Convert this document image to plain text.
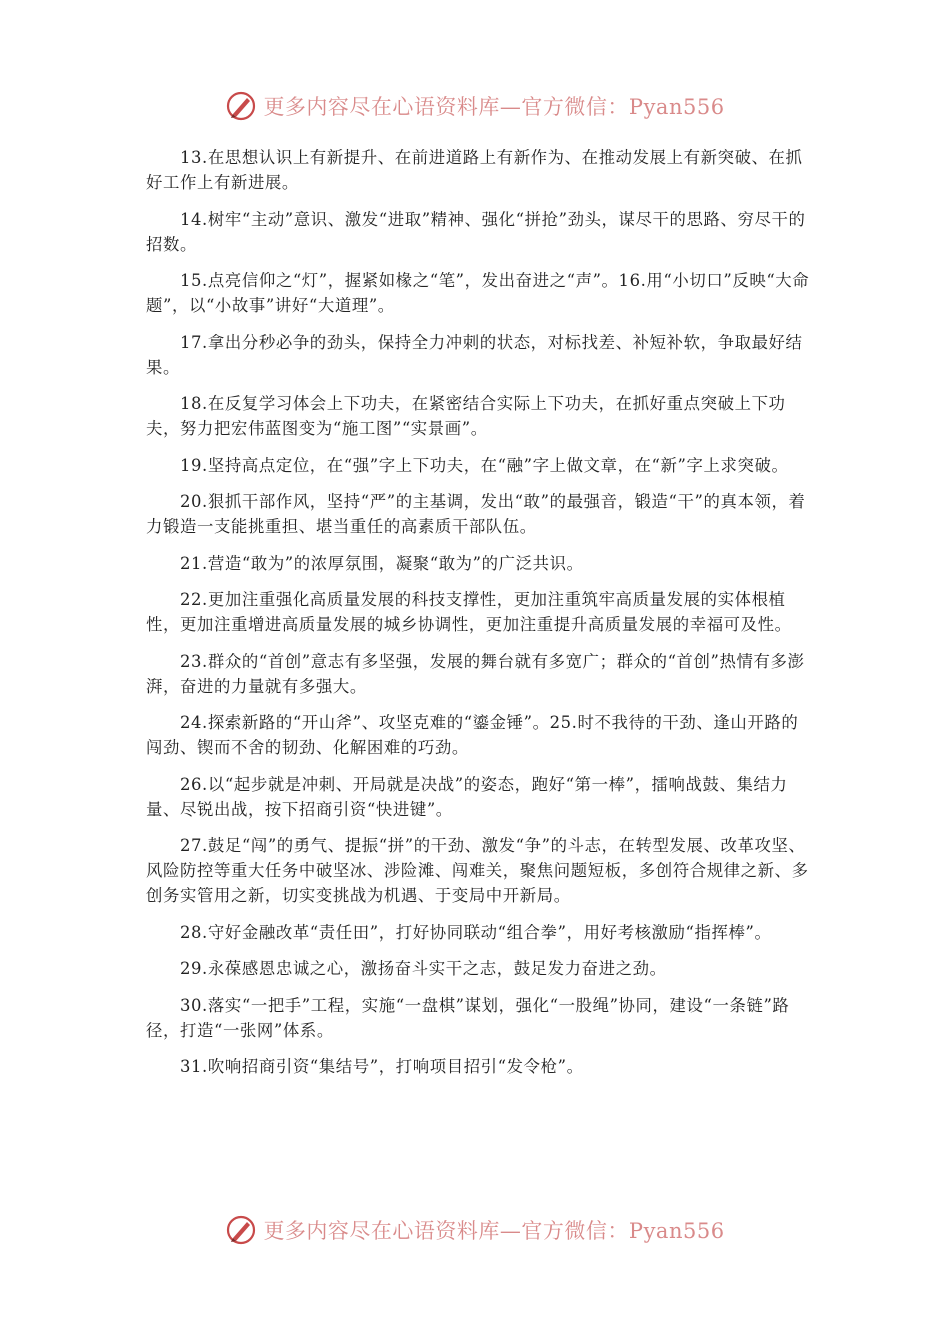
更多内容尽在心语资料库—官方微信：Pyan556

13.在思想认识上有新提升、在前进道路上有新作为、在推动发展上有新突破、在抓好工作上有新进展。

14.树牢“主动”意识、激发“进取”精神、强化“拼抢”劲头，谋尽干的思路、穷尽干的招数。

15.点亮信仰之“灯”，握紧如椽之“笔”，发出奋进之“声”。16.用“小切口”反映“大命题”，以“小故事”讲好“大道理”。

17.拿出分秒必争的劲头，保持全力冲刺的状态，对标找差、补短补软，争取最好结果。

18.在反复学习体会上下功夫，在紧密结合实际上下功夫，在抓好重点突破上下功夫，努力把宏伟蓝图变为“施工图”“实景画”。

19.坚持高点定位，在“强”字上下功夫，在“融”字上做文章，在“新”字上求突破。

20.狠抓干部作风，坚持“严”的主基调，发出“敢”的最强音，锻造“干”的真本领，着力锻造一支能挑重担、堪当重任的高素质干部队伍。

21.营造“敢为”的浓厚氛围，凝聚“敢为”的广泛共识。

22.更加注重强化高质量发展的科技支撑性，更加注重筑牢高质量发展的实体根植性，更加注重增进高质量发展的城乡协调性，更加注重提升高质量发展的幸福可及性。

23.群众的“首创”意志有多坚强，发展的舞台就有多宽广；群众的“首创”热情有多澎湃，奋进的力量就有多强大。

24.探索新路的“开山斧”、攻坚克难的“鎏金锤”。25.时不我待的干劲、逢山开路的闯劲、锲而不舍的韧劲、化解困难的巧劲。

26.以“起步就是冲刺、开局就是决战”的姿态，跑好“第一棒”，擂响战鼓、集结力量、尽锐出战，按下招商引资“快进键”。

27.鼓足“闯”的勇气、提振“拼”的干劲、激发“争”的斗志，在转型发展、改革攻坚、风险防控等重大任务中破坚冰、涉险滩、闯难关，聚焦问题短板，多创符合规律之新、多创务实管用之新，切实变挑战为机遇、于变局中开新局。

28.守好金融改革“责任田”，打好协同联动“组合拳”，用好考核激励“指挥棒”。

29.永葆感恩忠诚之心，激扬奋斗实干之志，鼓足发力奋进之劲。

30.落实“一把手”工程，实施“一盘棋”谋划，强化“一股绳”协同，建设“一条链”路径，打造“一张网”体系。

31.吹响招商引资“集结号”，打响项目招引“发令枪”。

更多内容尽在心语资料库—官方微信：Pyan556
